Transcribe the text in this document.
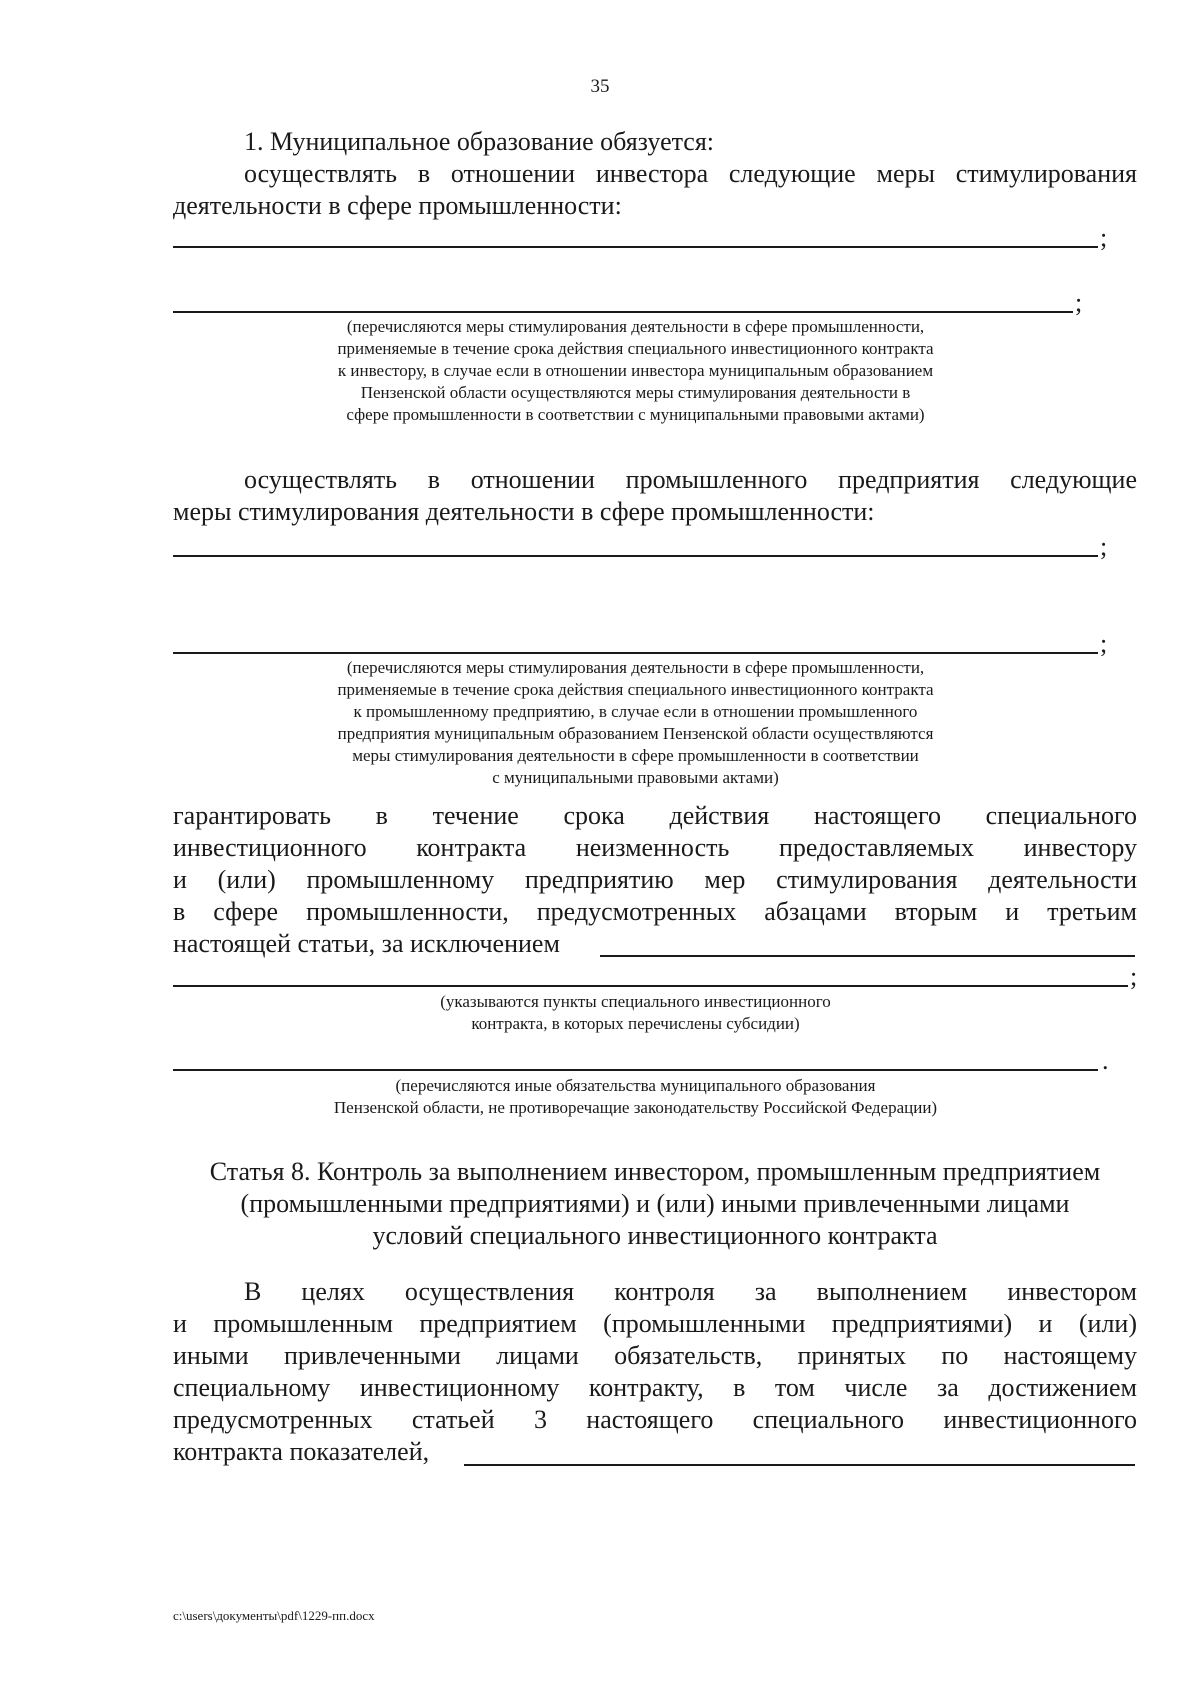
35
1. Муниципальное образование обязуется:
осуществлять в отношении инвестора следующие меры стимулирования
деятельности в сфере промышленности:
;
;
(перечисляются меры стимулирования деятельности в сфере промышленности,
применяемые в течение срока действия специального инвестиционного контракта
к инвестору, в случае если в отношении инвестора муниципальным образованием
Пензенской области осуществляются меры стимулирования деятельности в
сфере промышленности в соответствии с муниципальными правовыми актами)
осуществлять в отношении промышленного предприятия следующие
меры стимулирования деятельности в сфере промышленности:
;
;
(перечисляются меры стимулирования деятельности в сфере промышленности,
применяемые в течение срока действия специального инвестиционного контракта
к промышленному предприятию, в случае если в отношении промышленного
предприятия муниципальным образованием Пензенской области осуществляются
меры стимулирования деятельности в сфере промышленности в соответствии
с муниципальными правовыми актами)
гарантировать в течение срока действия настоящего специального
инвестиционного контракта неизменность предоставляемых инвестору
и (или) промышленному предприятию мер стимулирования деятельности
в сфере промышленности, предусмотренных абзацами вторым и третьим
настоящей статьи, за исключением
;
(указываются пункты специального инвестиционного
контракта, в которых перечислены субсидии)
.
(перечисляются иные обязательства муниципального образования
Пензенской области, не противоречащие законодательству Российской Федерации)
Статья 8. Контроль за выполнением инвестором, промышленным предприятием
(промышленными предприятиями) и (или) иными привлеченными лицами
условий специального инвестиционного контракта
В целях осуществления контроля за выполнением инвестором
и промышленным предприятием (промышленными предприятиями) и (или)
иными привлеченными лицами обязательств, принятых по настоящему
специальному инвестиционному контракту, в том числе за достижением
предусмотренных статьей 3 настоящего специального инвестиционного
контракта показателей,
c:\users\документы\pdf\1229-пп.docx
